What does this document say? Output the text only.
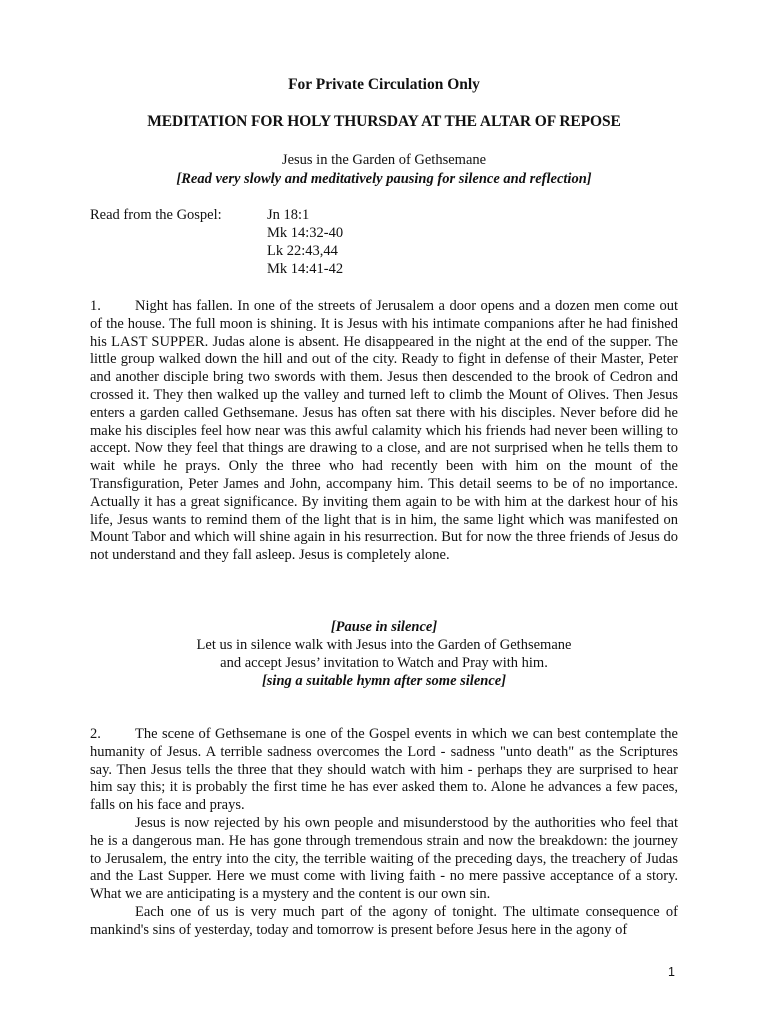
For Private Circulation Only
MEDITATION FOR HOLY THURSDAY AT THE ALTAR OF REPOSE
Jesus in the Garden of Gethsemane
[Read very slowly and meditatively pausing for silence and reflection]
Read from the Gospel:	Jn 18:1
Mk 14:32-40
Lk 22:43,44
Mk 14:41-42
1. Night has fallen. In one of the streets of Jerusalem a door opens and a dozen men come out of the house. The full moon is shining. It is Jesus with his intimate companions after he had finished his LAST SUPPER. Judas alone is absent. He disappeared in the night at the end of the supper. The little group walked down the hill and out of the city. Ready to fight in defense of their Master, Peter and another disciple bring two swords with them. Jesus then descended to the brook of Cedron and crossed it. They then walked up the valley and turned left to climb the Mount of Olives. Then Jesus enters a garden called Gethsemane. Jesus has often sat there with his disciples. Never before did he make his disciples feel how near was this awful calamity which his friends had never been willing to accept. Now they feel that things are drawing to a close, and are not surprised when he tells them to wait while he prays. Only the three who had recently been with him on the mount of the Transfiguration, Peter James and John, accompany him. This detail seems to be of no importance. Actually it has a great significance. By inviting them again to be with him at the darkest hour of his life, Jesus wants to remind them of the light that is in him, the same light which was manifested on Mount Tabor and which will shine again in his resurrection. But for now the three friends of Jesus do not understand and they fall asleep. Jesus is completely alone.
[Pause in silence]
Let us in silence walk with Jesus into the Garden of Gethsemane
and accept Jesus’ invitation to Watch and Pray with him.
[sing a suitable hymn after some silence]
2. The scene of Gethsemane is one of the Gospel events in which we can best contemplate the humanity of Jesus. A terrible sadness overcomes the Lord - sadness "unto death" as the Scriptures say. Then Jesus tells the three that they should watch with him - perhaps they are surprised to hear him say this; it is probably the first time he has ever asked them to. Alone he advances a few paces, falls on his face and prays.
Jesus is now rejected by his own people and misunderstood by the authorities who feel that he is a dangerous man. He has gone through tremendous strain and now the breakdown: the journey to Jerusalem, the entry into the city, the terrible waiting of the preceding days, the treachery of Judas and the Last Supper. Here we must come with living faith - no mere passive acceptance of a story. What we are anticipating is a mystery and the content is our own sin.
Each one of us is very much part of the agony of tonight. The ultimate consequence of mankind's sins of yesterday, today and tomorrow is present before Jesus here in the agony of
1
